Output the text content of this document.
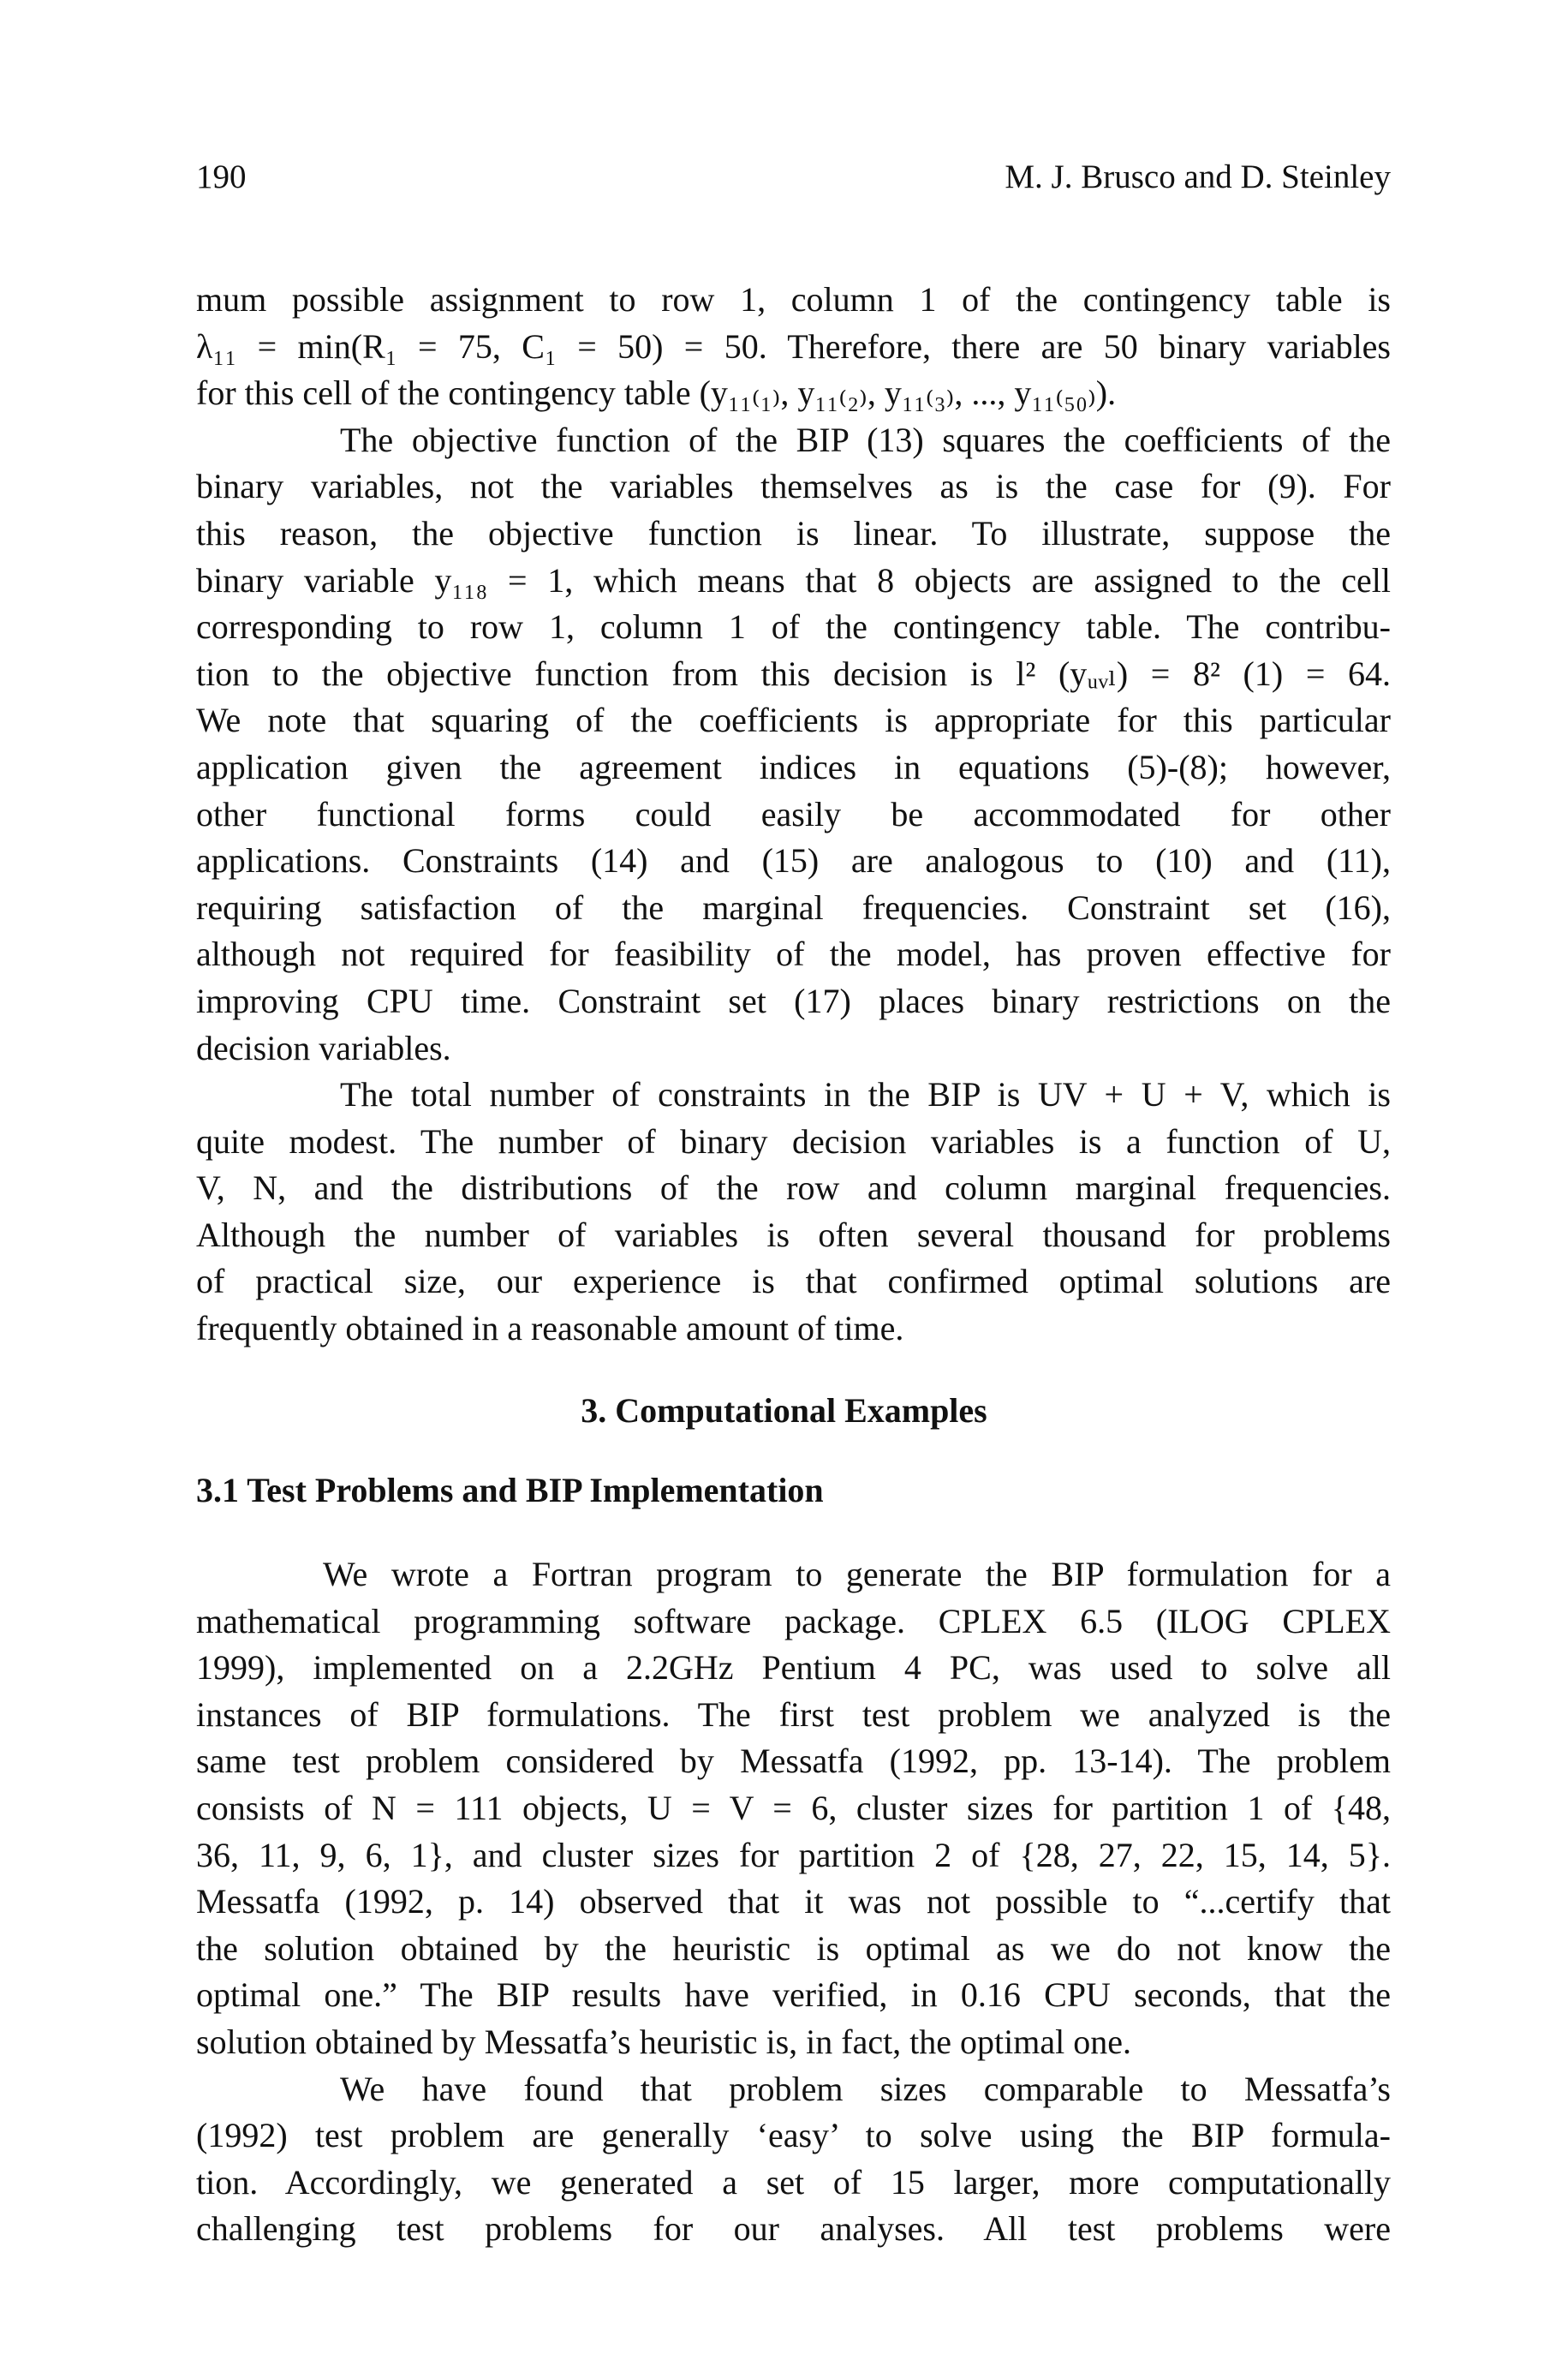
190	M. J. Brusco and D. Steinley
mum possible assignment to row 1, column 1 of the contingency table is
λ₁₁ = min(R₁ = 75, C₁ = 50) = 50. Therefore, there are 50 binary variables
for this cell of the contingency table (y₁₁₍₁₎, y₁₁₍₂₎, y₁₁₍₃₎, ..., y₁₁₍₅₀₎).
The objective function of the BIP (13) squares the coefficients of the
binary variables, not the variables themselves as is the case for (9). For
this reason, the objective function is linear. To illustrate, suppose the
binary variable y₁₁₈ = 1, which means that 8 objects are assigned to the cell
corresponding to row 1, column 1 of the contingency table. The contribu-
tion to the objective function from this decision is l² (yᵤᵥₗ) = 8² (1) = 64.
We note that squaring of the coefficients is appropriate for this particular
application given the agreement indices in equations (5)-(8); however,
other functional forms could easily be accommodated for other
applications. Constraints (14) and (15) are analogous to (10) and (11),
requiring satisfaction of the marginal frequencies. Constraint set (16),
although not required for feasibility of the model, has proven effective for
improving CPU time. Constraint set (17) places binary restrictions on the
decision variables.
The total number of constraints in the BIP is UV + U + V, which is
quite modest. The number of binary decision variables is a function of U,
V, N, and the distributions of the row and column marginal frequencies.
Although the number of variables is often several thousand for problems
of practical size, our experience is that confirmed optimal solutions are
frequently obtained in a reasonable amount of time.
3. Computational Examples
3.1 Test Problems and BIP Implementation
We wrote a Fortran program to generate the BIP formulation for a
mathematical programming software package. CPLEX 6.5 (ILOG CPLEX
1999), implemented on a 2.2GHz Pentium 4 PC, was used to solve all
instances of BIP formulations. The first test problem we analyzed is the
same test problem considered by Messatfa (1992, pp. 13-14). The problem
consists of N = 111 objects, U = V = 6, cluster sizes for partition 1 of {48,
36, 11, 9, 6, 1}, and cluster sizes for partition 2 of {28, 27, 22, 15, 14, 5}.
Messatfa (1992, p. 14) observed that it was not possible to “...certify that
the solution obtained by the heuristic is optimal as we do not know the
optimal one.” The BIP results have verified, in 0.16 CPU seconds, that the
solution obtained by Messatfa’s heuristic is, in fact, the optimal one.
We have found that problem sizes comparable to Messatfa’s
(1992) test problem are generally ‘easy’ to solve using the BIP formula-
tion. Accordingly, we generated a set of 15 larger, more computationally
challenging test problems for our analyses. All test problems were
